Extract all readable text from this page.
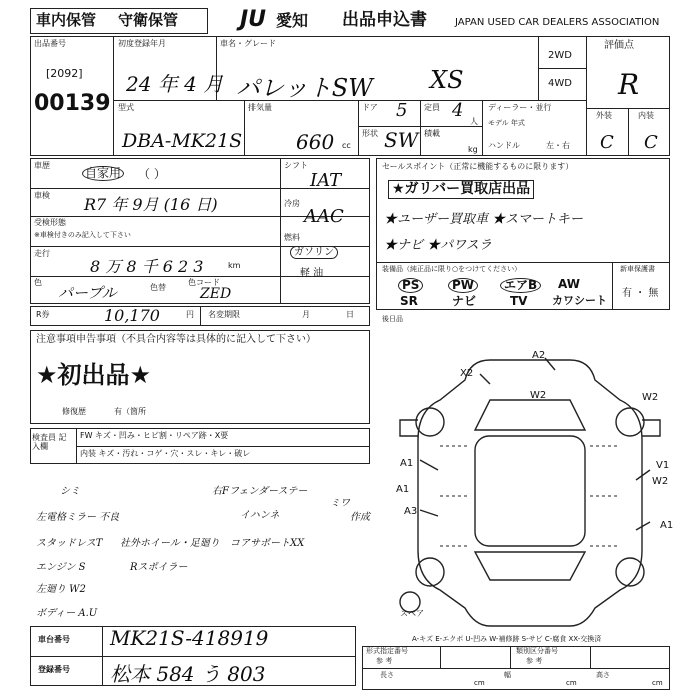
車内保管 守衛保管	JU 愛知 出品申込書	JAPAN USED CAR DEALERS ASSOCIATION
出品番号
[2092]
00139
初度登録年月
24 年 4 月
車名・グレード
パレットSW XS
2WD
4WD
評価点
R
型式
DBA-MK21S
排気量
660 cc
ドア 5
形状 SW
定員 4
人
積載
kg
ディーラー・並行
モデル 年式
ハンドル	左・右
外装	内装
C C
車歴
自家用 （ ）
車検 R7 年 9月 (16 日)
受検形態
※車検付きのみ記入して下さい
走行
8 万 8 千 6 2 3	km
色
パープル	色替
色コード
ZED
シフト
IAT
冷房
AAC
燃料
ガソリン
軽 油
R券	10,170	円 名変期限	月	日
セールスポイント（正常に機能するものに限ります）
★ガリバー買取店出品
★ユーザー買取車 ★スマートキー
★ナビ ★パワスラ
装備品（純正品に限り○をつけてください）
PS	PW	エアB	AW
SR	ナビ	TV カワシート
新車保護書
有 ・ 無
後日品
注意事項申告事項（不具合内容等は具体的に記入して下さい）
★初出品★
修復歴	有（箇所
検査員 記入欄
FW キズ・凹み・ヒビ割・リペア跡・X要
内装 キズ・汚れ・コゲ・穴・スレ・キレ・破レ
シミ	右Fフェンダーステー
ミワ
イハンネ	作成
左電格ミラー 不良
スタッドレスT 社外ホイール・足廻り コアサポートXX
エンジン S	Rスポイラー
左廻り W2
ボディー A.U
A2
X2
W2	W2
A1
A1
A3
V1
W2
A1
スペア
A-キズ E-エクボ U-凹み W-補修跡 S-サビ C-腐食 XX-交換済
車台番号 MK21S-418919
登録番号 松本 584 う 803
形式指定番号
参 考
類別区分番号
参 考
長さ
cm
幅
cm
高さ
cm
